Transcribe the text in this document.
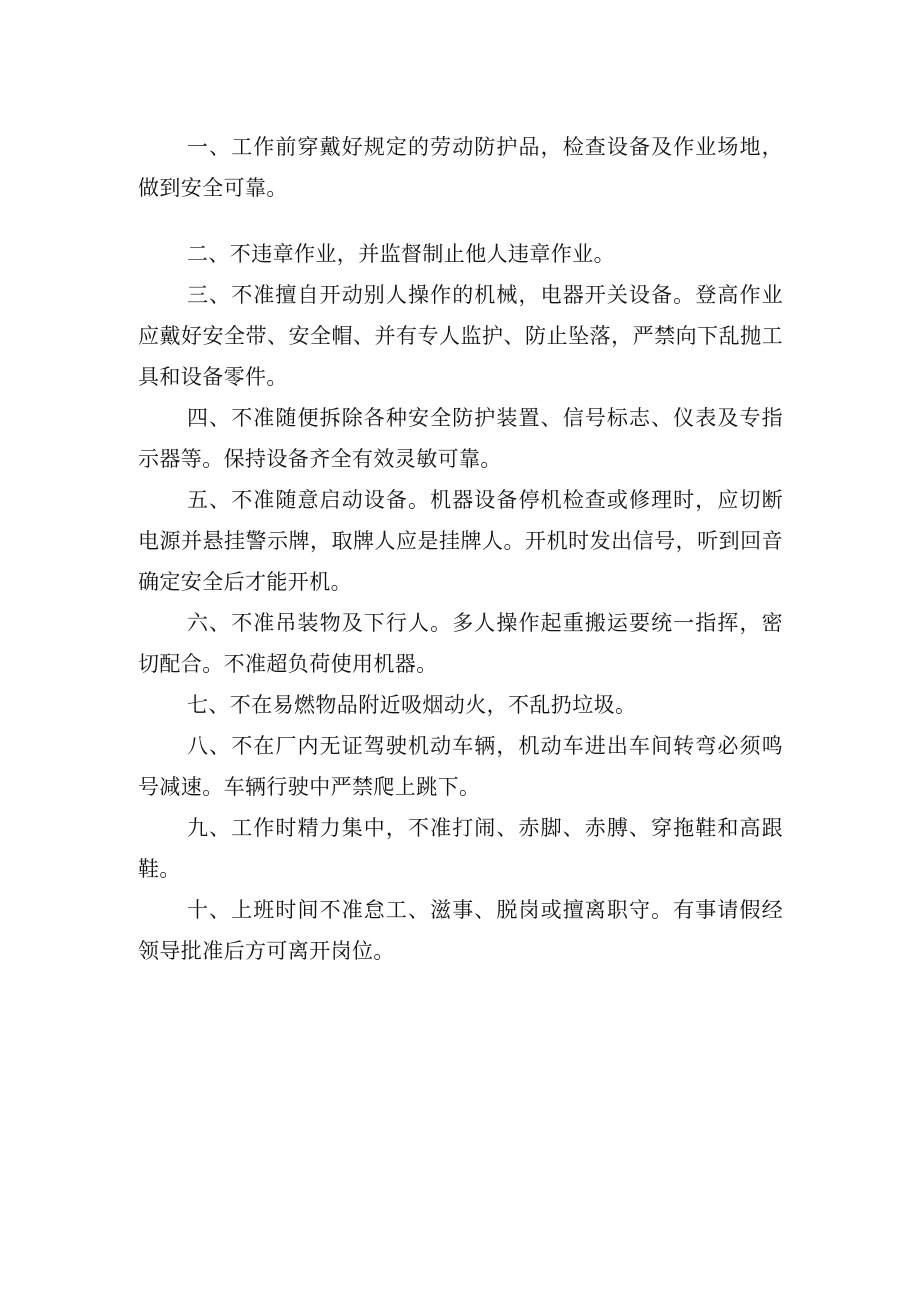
一、工作前穿戴好规定的劳动防护品，检查设备及作业场地，做到安全可靠。

二、不违章作业，并监督制止他人违章作业。

三、不准擅自开动别人操作的机械，电器开关设备。登高作业应戴好安全带、安全帽、并有专人监护、防止坠落，严禁向下乱抛工具和设备零件。

四、不准随便拆除各种安全防护装置、信号标志、仪表及专指示器等。保持设备齐全有效灵敏可靠。

五、不准随意启动设备。机器设备停机检查或修理时，应切断电源并悬挂警示牌，取牌人应是挂牌人。开机时发出信号，听到回音确定安全后才能开机。

六、不准吊装物及下行人。多人操作起重搬运要统一指挥，密切配合。不准超负荷使用机器。

七、不在易燃物品附近吸烟动火，不乱扔垃圾。

八、不在厂内无证驾驶机动车辆，机动车进出车间转弯必须鸣号减速。车辆行驶中严禁爬上跳下。

九、工作时精力集中，不准打闹、赤脚、赤膊、穿拖鞋和高跟鞋。

十、上班时间不准怠工、滋事、脱岗或擅离职守。有事请假经领导批准后方可离开岗位。
